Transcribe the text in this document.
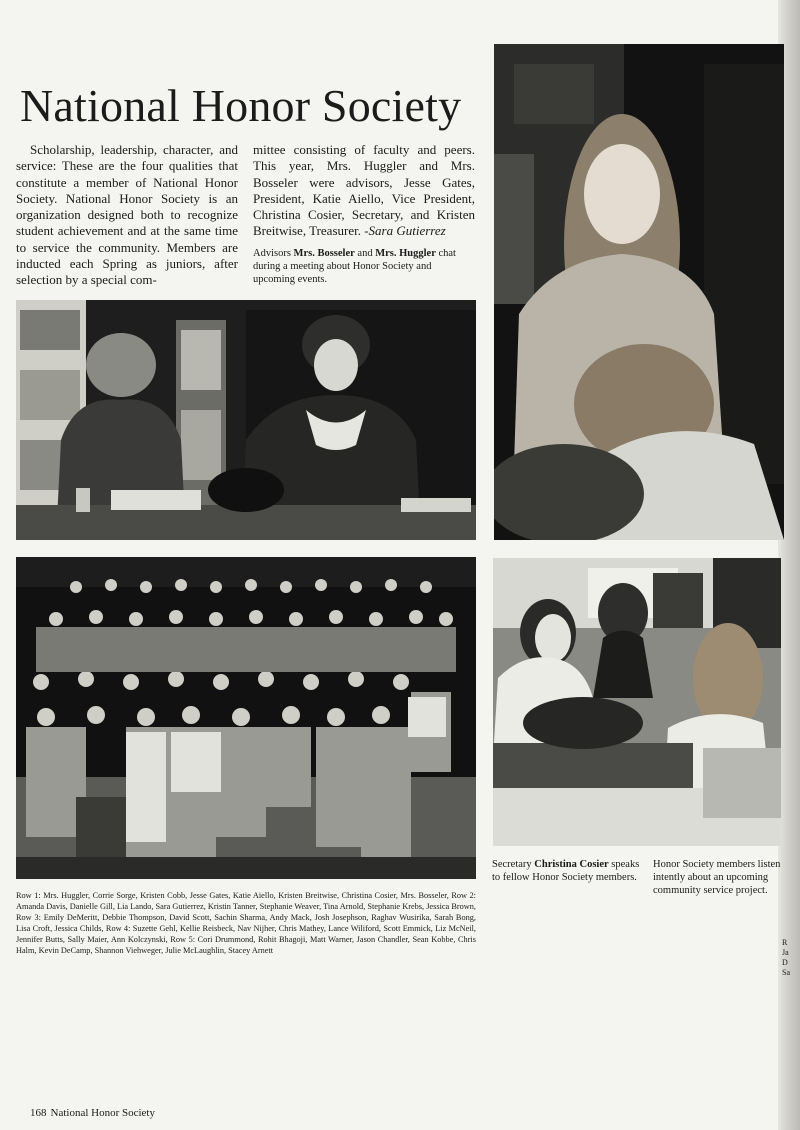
National Honor Society

Scholarship, leadership, character, and service: These are the four qualities that constitute a member of National Honor Society. National Honor Society is an organization designed both to recognize student achievement and at the same time to service the community. Members are inducted each Spring as juniors, after selection by a special com-

mittee consisting of faculty and peers. This year, Mrs. Huggler and Mrs. Bosseler were advisors, Jesse Gates, President, Katie Aiello, Vice President, Christina Cosier, Secretary, and Kristen Breitwise, Treasurer. -Sara Gutierrez

Advisors Mrs. Bosseler and Mrs. Huggler chat during a meeting about Honor Society and upcoming events.

Secretary Christina Cosier speaks to fellow Honor Society members.

Honor Society members listen intently about an upcoming community service project.

Row 1: Mrs. Huggler, Corrie Sorge, Kristen Cobb, Jesse Gates, Katie Aiello, Kristen Breitwise, Christina Cosier, Mrs. Bosseler, Row 2: Amanda Davis, Danielle Gill, Lia Lando, Sara Gutierrez, Kristin Tanner, Stephanie Weaver, Tina Arnold, Stephanie Krebs, Jessica Brown, Row 3: Emily DeMeritt, Debbie Thompson, David Scott, Sachin Sharma, Andy Mack, Josh Josephson, Raghav Wusirika, Sarah Bong, Lisa Croft, Jessica Childs, Row 4: Suzette Gehl, Kellie Reisbeck, Nav Nijher, Chris Mathey, Lance Wiliford, Scott Emmick, Liz McNeil, Jennifer Butts, Sally Maier, Ann Kolczynski, Row 5: Cori Drummond, Rohit Bhagoji, Matt Warner, Jason Chandler, Sean Kobbe, Chris Halm, Kevin DeCamp, Shannon Viehweger, Julie McLaughlin, Stacey Arnett

R
Ja
D
Sa

168 National Honor Society
